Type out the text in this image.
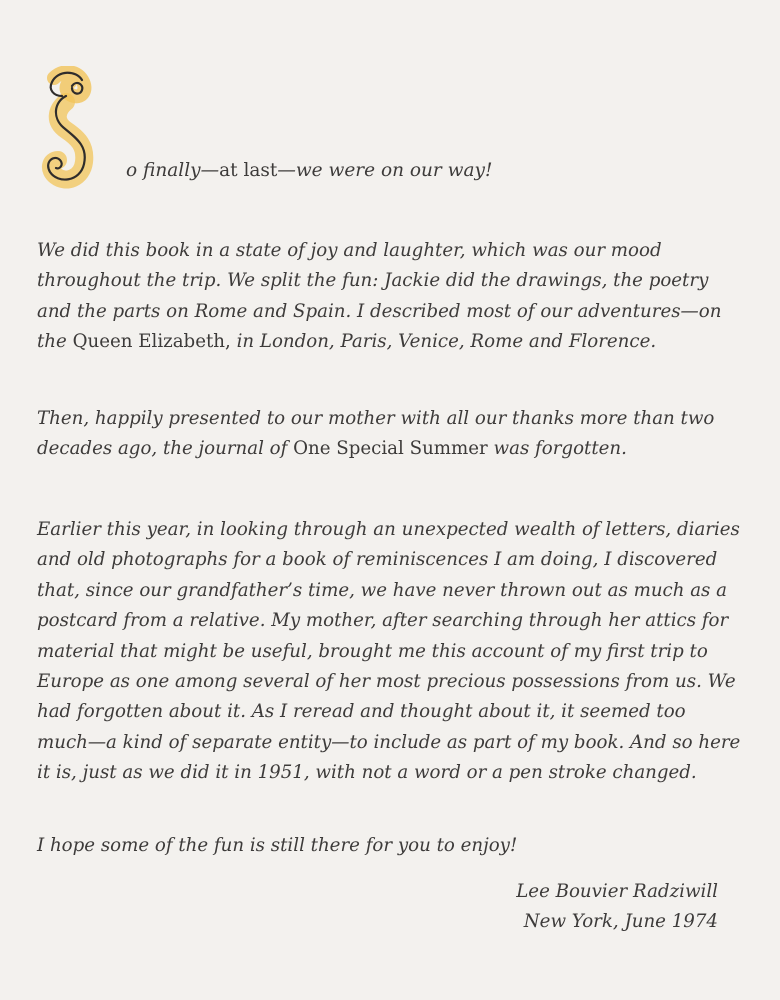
o finally—at last—we were on our way!

We did this book in a state of joy and laughter, which was our mood throughout the trip. We split the fun: Jackie did the drawings, the poetry and the parts on Rome and Spain. I described most of our adventures—on the Queen Elizabeth, in London, Paris, Venice, Rome and Florence.

Then, happily presented to our mother with all our thanks more than two decades ago, the journal of One Special Summer was forgotten.

Earlier this year, in looking through an unexpected wealth of letters, diaries and old photographs for a book of reminiscences I am doing, I discovered that, since our grandfather’s time, we have never thrown out as much as a postcard from a relative. My mother, after searching through her attics for material that might be useful, brought me this account of my first trip to Europe as one among several of her most precious possessions from us. We had forgotten about it. As I reread and thought about it, it seemed too much—a kind of separate entity—to include as part of my book. And so here it is, just as we did it in 1951, with not a word or a pen stroke changed.

I hope some of the fun is still there for you to enjoy!

Lee Bouvier Radziwill
New York, June 1974
